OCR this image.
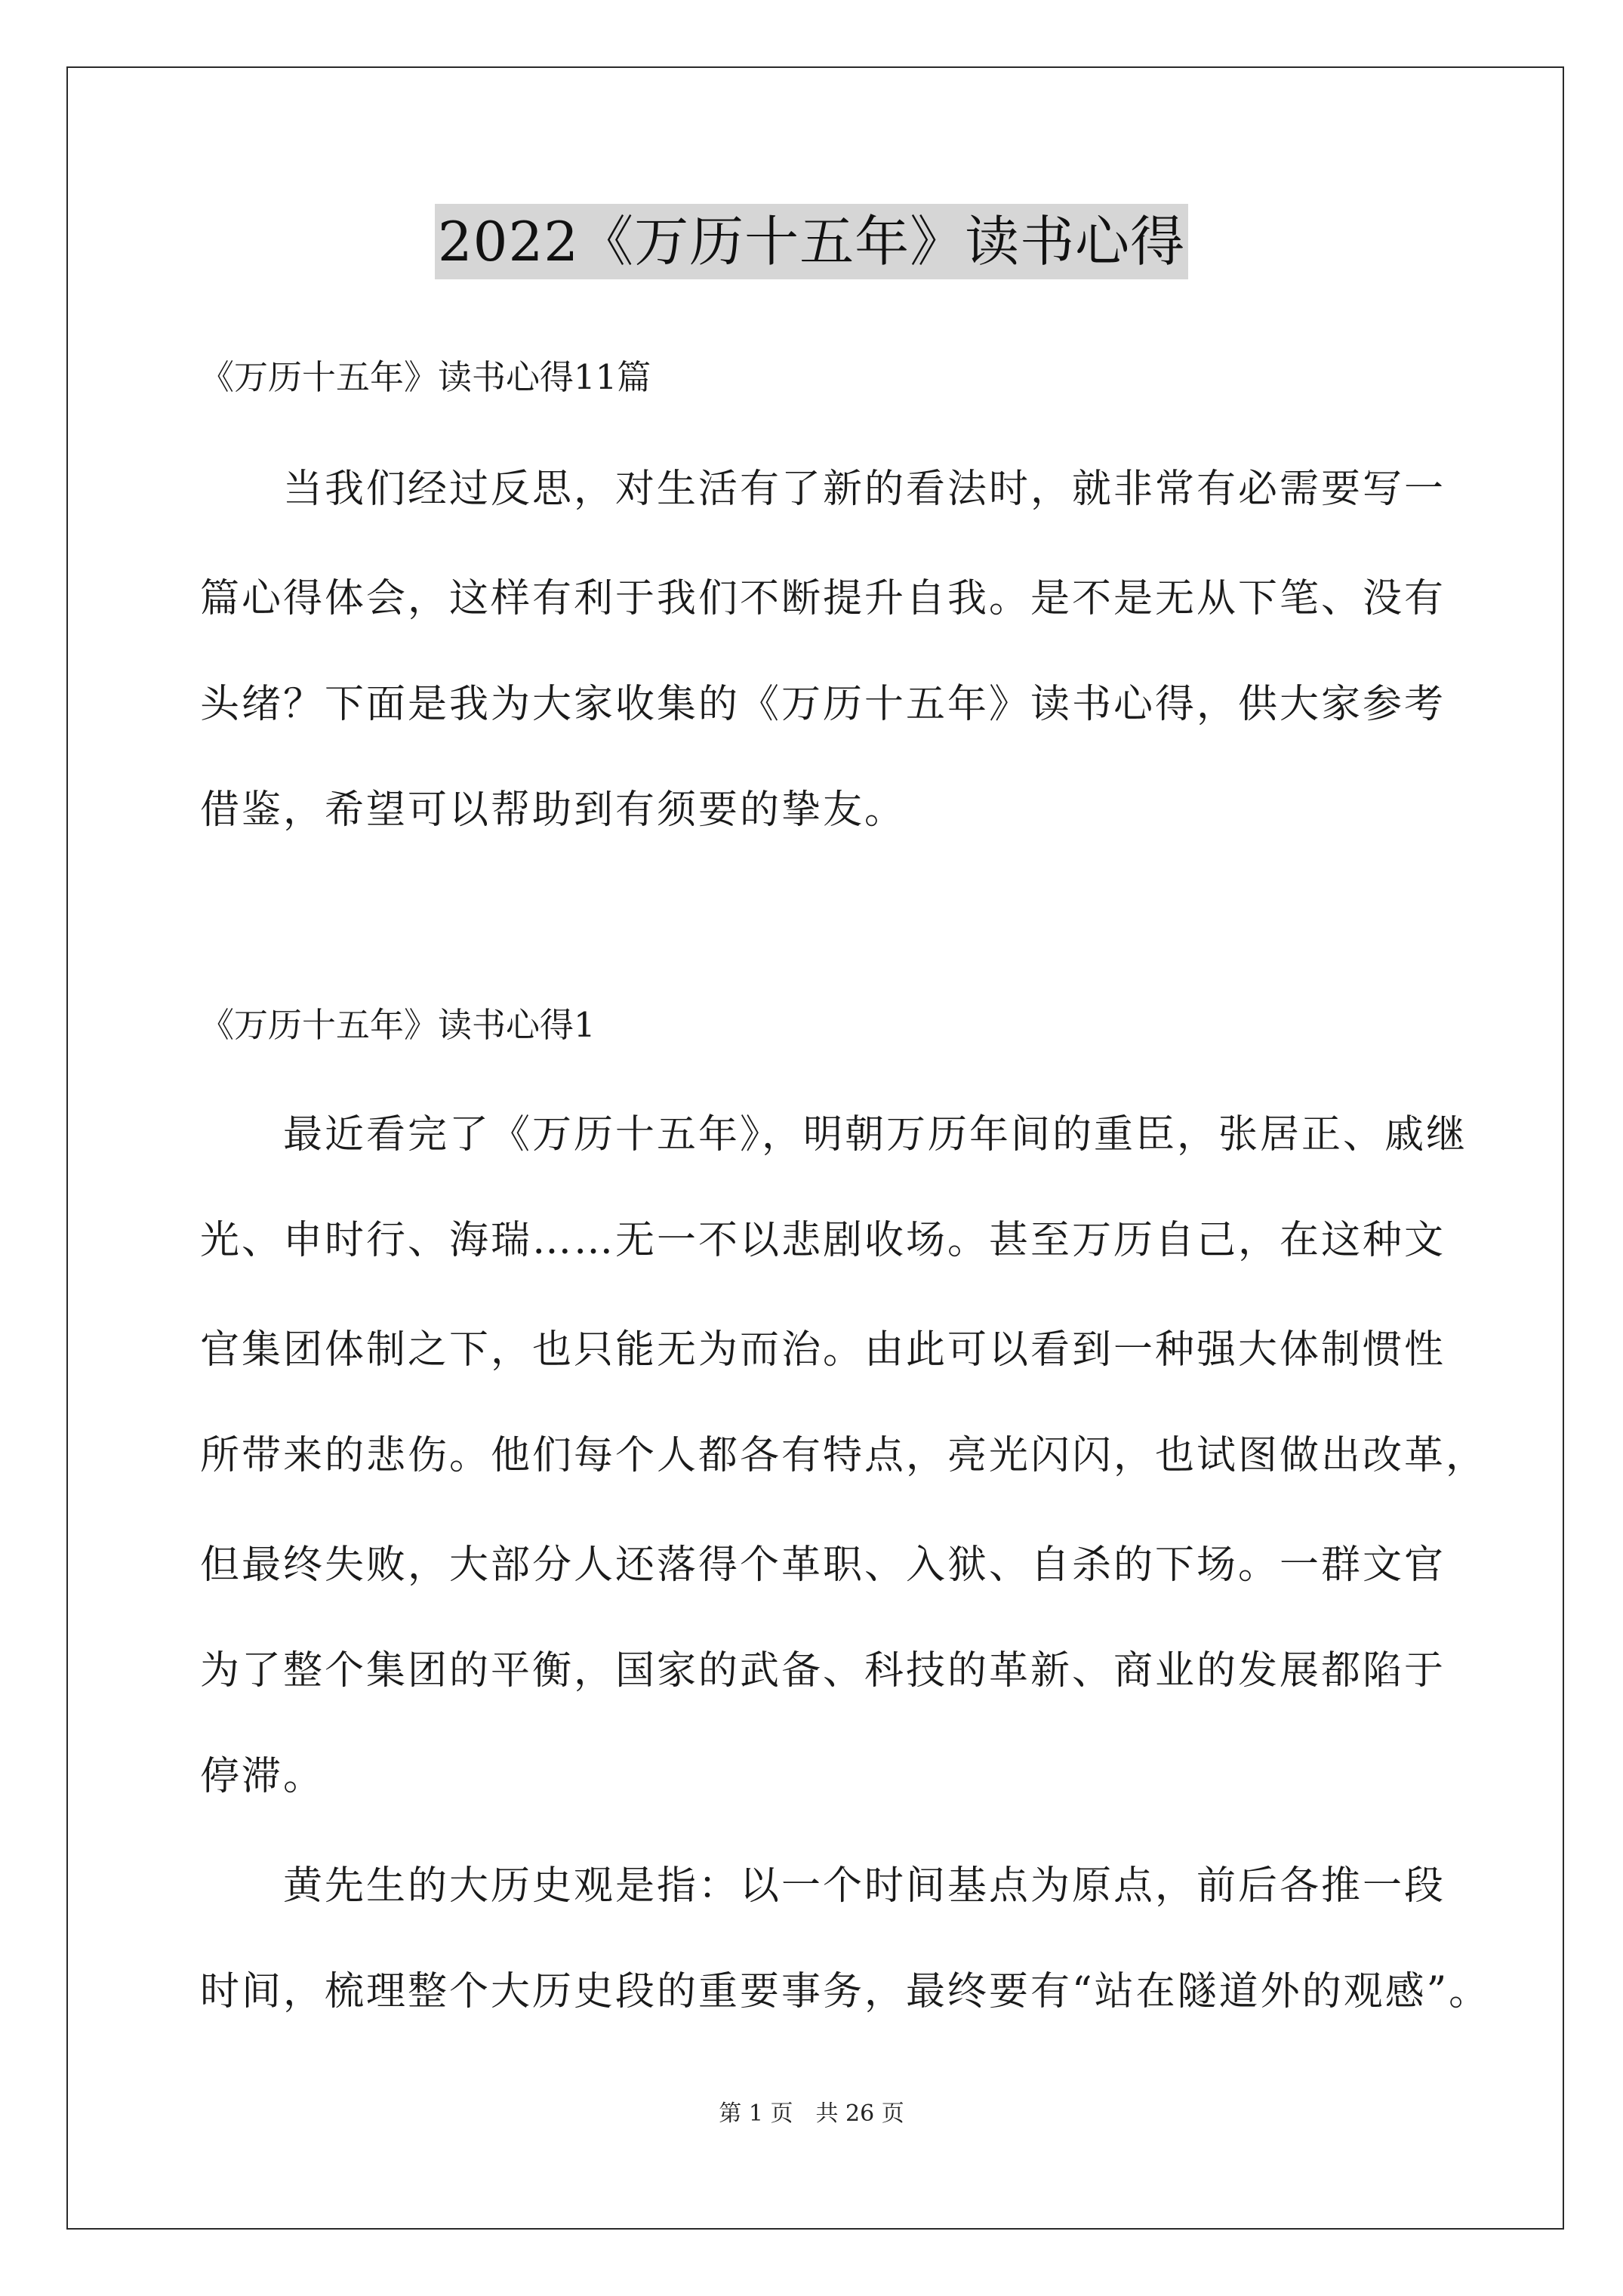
2022《万历十五年》读书心得
《万历十五年》读书心得11篇
当我们经过反思，对生活有了新的看法时，就非常有必需要写一
篇心得体会，这样有利于我们不断提升自我。是不是无从下笔、没有
头绪？下面是我为大家收集的《万历十五年》读书心得，供大家参考
借鉴，希望可以帮助到有须要的挚友。
《万历十五年》读书心得1
最近看完了《万历十五年》，明朝万历年间的重臣，张居正、戚继
光、申时行、海瑞……无一不以悲剧收场。甚至万历自己，在这种文
官集团体制之下，也只能无为而治。由此可以看到一种强大体制惯性
所带来的悲伤。他们每个人都各有特点，亮光闪闪，也试图做出改革，
但最终失败，大部分人还落得个革职、入狱、自杀的下场。一群文官
为了整个集团的平衡，国家的武备、科技的革新、商业的发展都陷于
停滞。
黄先生的大历史观是指：以一个时间基点为原点，前后各推一段
时间，梳理整个大历史段的重要事务，最终要有“站在隧道外的观感”。
第 1 页　共 26 页
